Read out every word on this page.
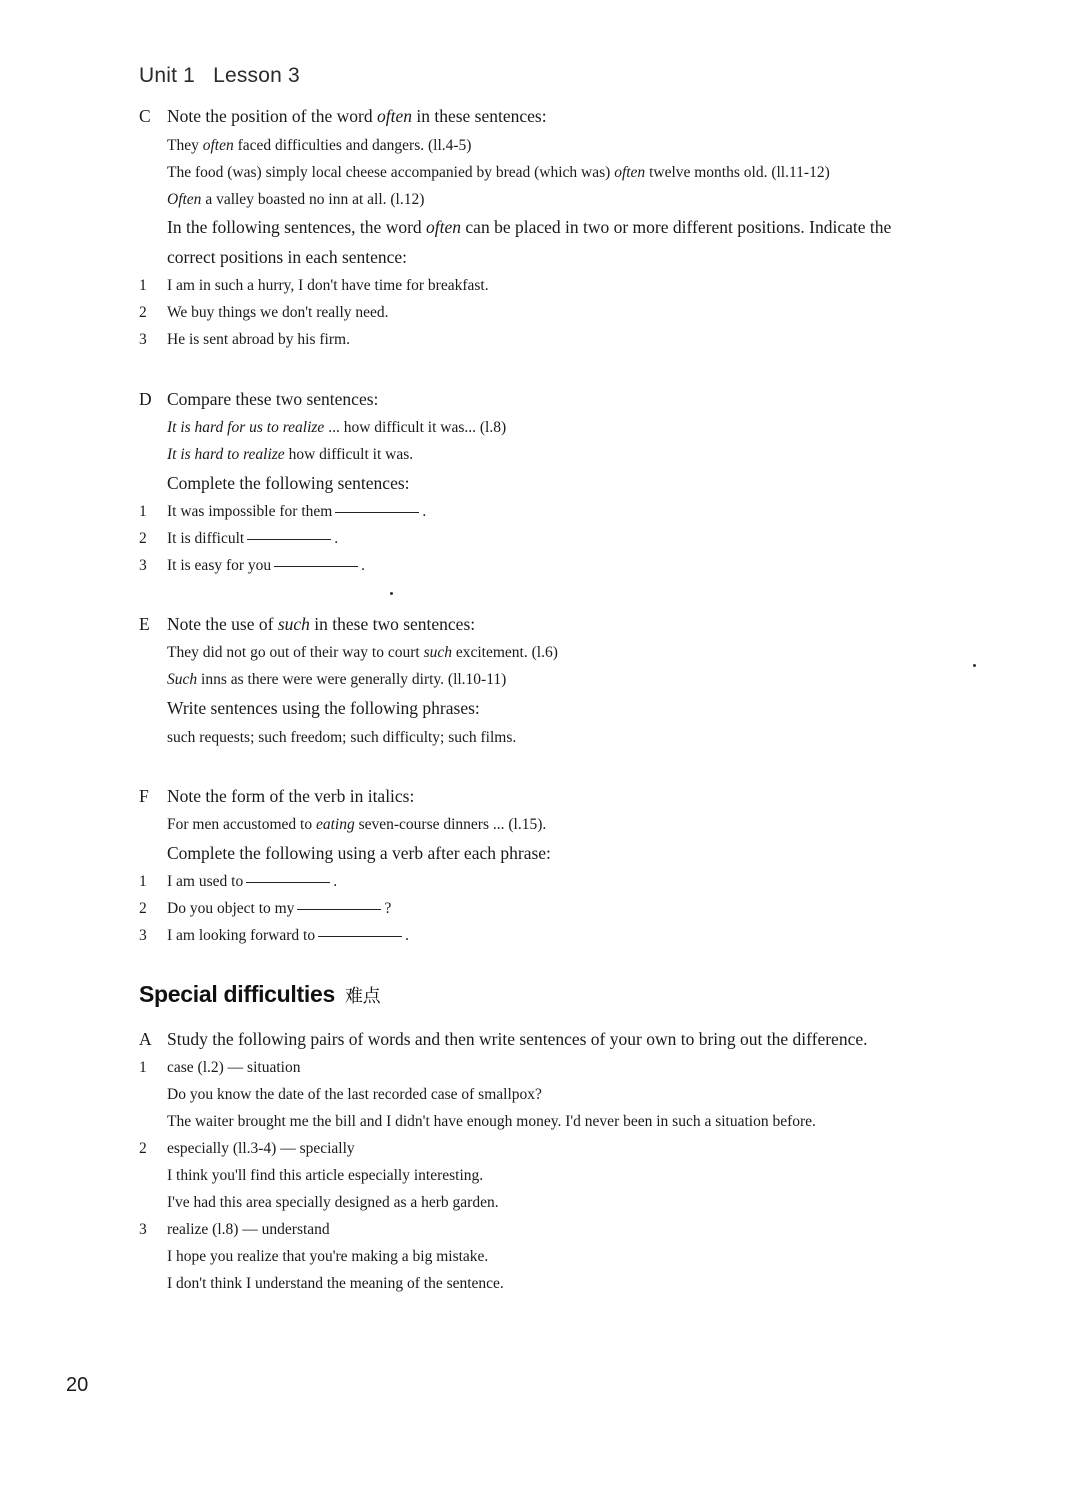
Unit 1 Lesson 3
C Note the position of the word often in these sentences:
They often faced difficulties and dangers. (ll.4-5)
The food (was) simply local cheese accompanied by bread (which was) often twelve months old. (ll.11-12)
Often a valley boasted no inn at all. (l.12)
In the following sentences, the word often can be placed in two or more different positions. Indicate the
correct positions in each sentence:
1 I am in such a hurry, I don't have time for breakfast.
2 We buy things we don't really need.
3 He is sent abroad by his firm.
D Compare these two sentences:
It is hard for us to realize ... how difficult it was... (l.8)
It is hard to realize how difficult it was.
Complete the following sentences:
1 It was impossible for them	.
2 It is difficult	.
3 It is easy for you	.
E Note the use of such in these two sentences:
They did not go out of their way to court such excitement. (l.6)
Such inns as there were were generally dirty. (ll.10-11)
Write sentences using the following phrases:
such requests; such freedom; such difficulty; such films.
F Note the form of the verb in italics:
For men accustomed to eating seven-course dinners ... (l.15).
Complete the following using a verb after each phrase:
1 I am used to	.
2 Do you object to my	?
3 I am looking forward to	.
Special difficulties 难点
A Study the following pairs of words and then write sentences of your own to bring out the difference.
1 case (l.2) — situation
Do you know the date of the last recorded case of smallpox?
The waiter brought me the bill and I didn't have enough money. I'd never been in such a situation before.
2 especially (ll.3-4) — specially
I think you'll find this article especially interesting.
I've had this area specially designed as a herb garden.
3 realize (l.8) — understand
I hope you realize that you're making a big mistake.
I don't think I understand the meaning of the sentence.
20
